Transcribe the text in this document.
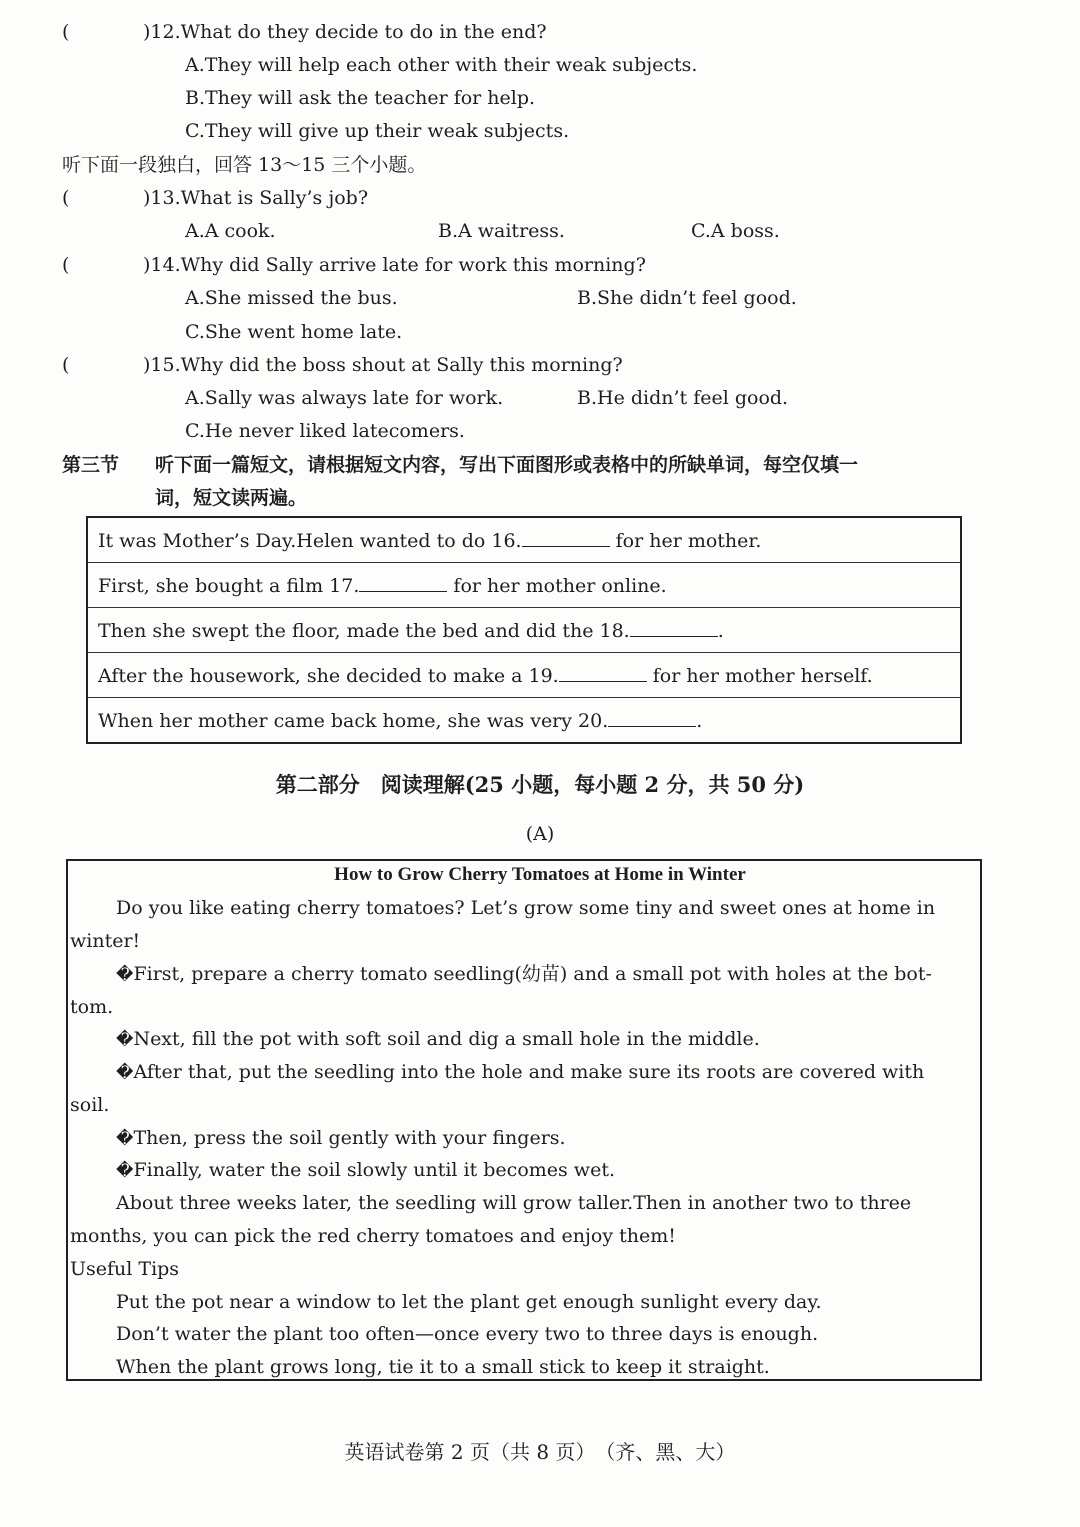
(	)12.What do they decide to do in the end?
A.They will help each other with their weak subjects.
B.They will ask the teacher for help.
C.They will give up their weak subjects.
听下面一段独白，回答 13～15 三个小题。
(	)13.What is Sally’s job?
A.A cook.	B.A waitress.	C.A boss.
(	)14.Why did Sally arrive late for work this morning?
A.She missed the bus.	B.She didn’t feel good.
C.She went home late.
(	)15.Why did the boss shout at Sally this morning?
A.Sally was always late for work.	B.He didn’t feel good.
C.He never liked latecomers.
第三节 听下面一篇短文，请根据短文内容，写出下面图形或表格中的所缺单词，每空仅填一
词，短文读两遍。
It was Mother’s Day.Helen wanted to do 16.	for her mother.
First, she bought a film 17.	for her mother online.
Then she swept the floor, made the bed and did the 18.	.
After the housework, she decided to make a 19.	for her mother herself.
When her mother came back home, she was very 20.	.
第二部分　阅读理解(25 小题，每小题 2 分，共 50 分)
(A)
How to Grow Cherry Tomatoes at Home in Winter
Do you like eating cherry tomatoes? Let’s grow some tiny and sweet ones at home in
winter!
�First, prepare a cherry tomato seedling(幼苗) and a small pot with holes at the bot-
tom.
�Next, fill the pot with soft soil and dig a small hole in the middle.
�After that, put the seedling into the hole and make sure its roots are covered with
soil.
�Then, press the soil gently with your fingers.
�Finally, water the soil slowly until it becomes wet.
About three weeks later, the seedling will grow taller.Then in another two to three
months, you can pick the red cherry tomatoes and enjoy them!
Useful Tips
Put the pot near a window to let the plant get enough sunlight every day.
Don’t water the plant too often—once every two to three days is enough.
When the plant grows long, tie it to a small stick to keep it straight.
英语试卷第 2 页（共 8 页）　（齐、黑、大）
